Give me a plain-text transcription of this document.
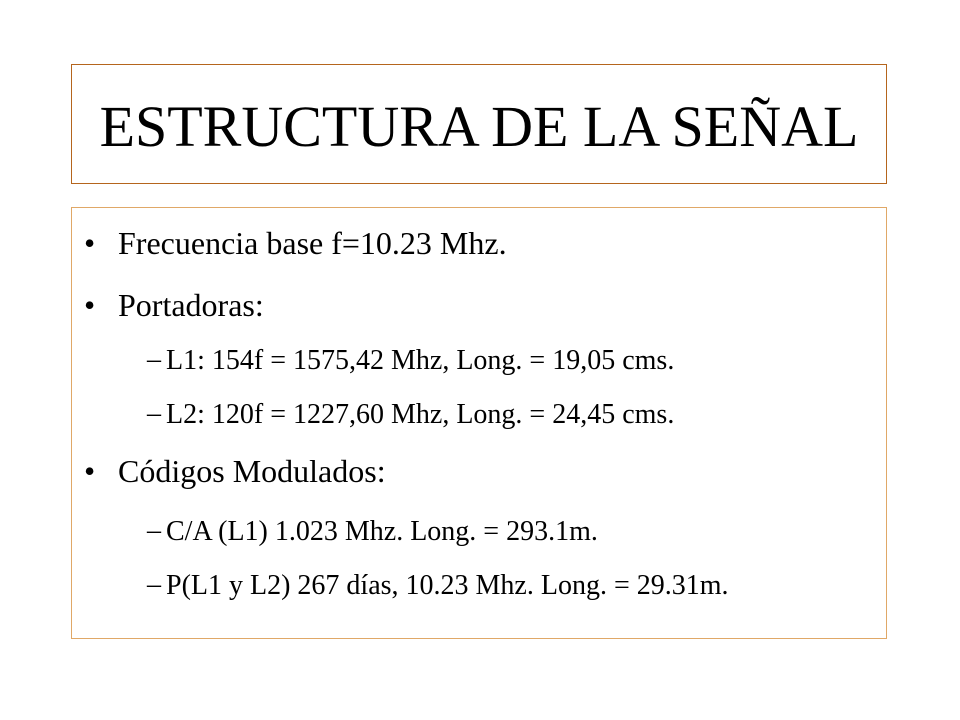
ESTRUCTURA DE LA SEÑAL
• Frecuencia base f=10.23 Mhz.
• Portadoras:
– L1: 154f = 1575,42 Mhz, Long. = 19,05 cms.
– L2: 120f = 1227,60 Mhz, Long. = 24,45 cms.
• Códigos Modulados:
– C/A (L1) 1.023 Mhz. Long. = 293.1m.
– P(L1 y L2) 267 días, 10.23 Mhz. Long. = 29.31m.
